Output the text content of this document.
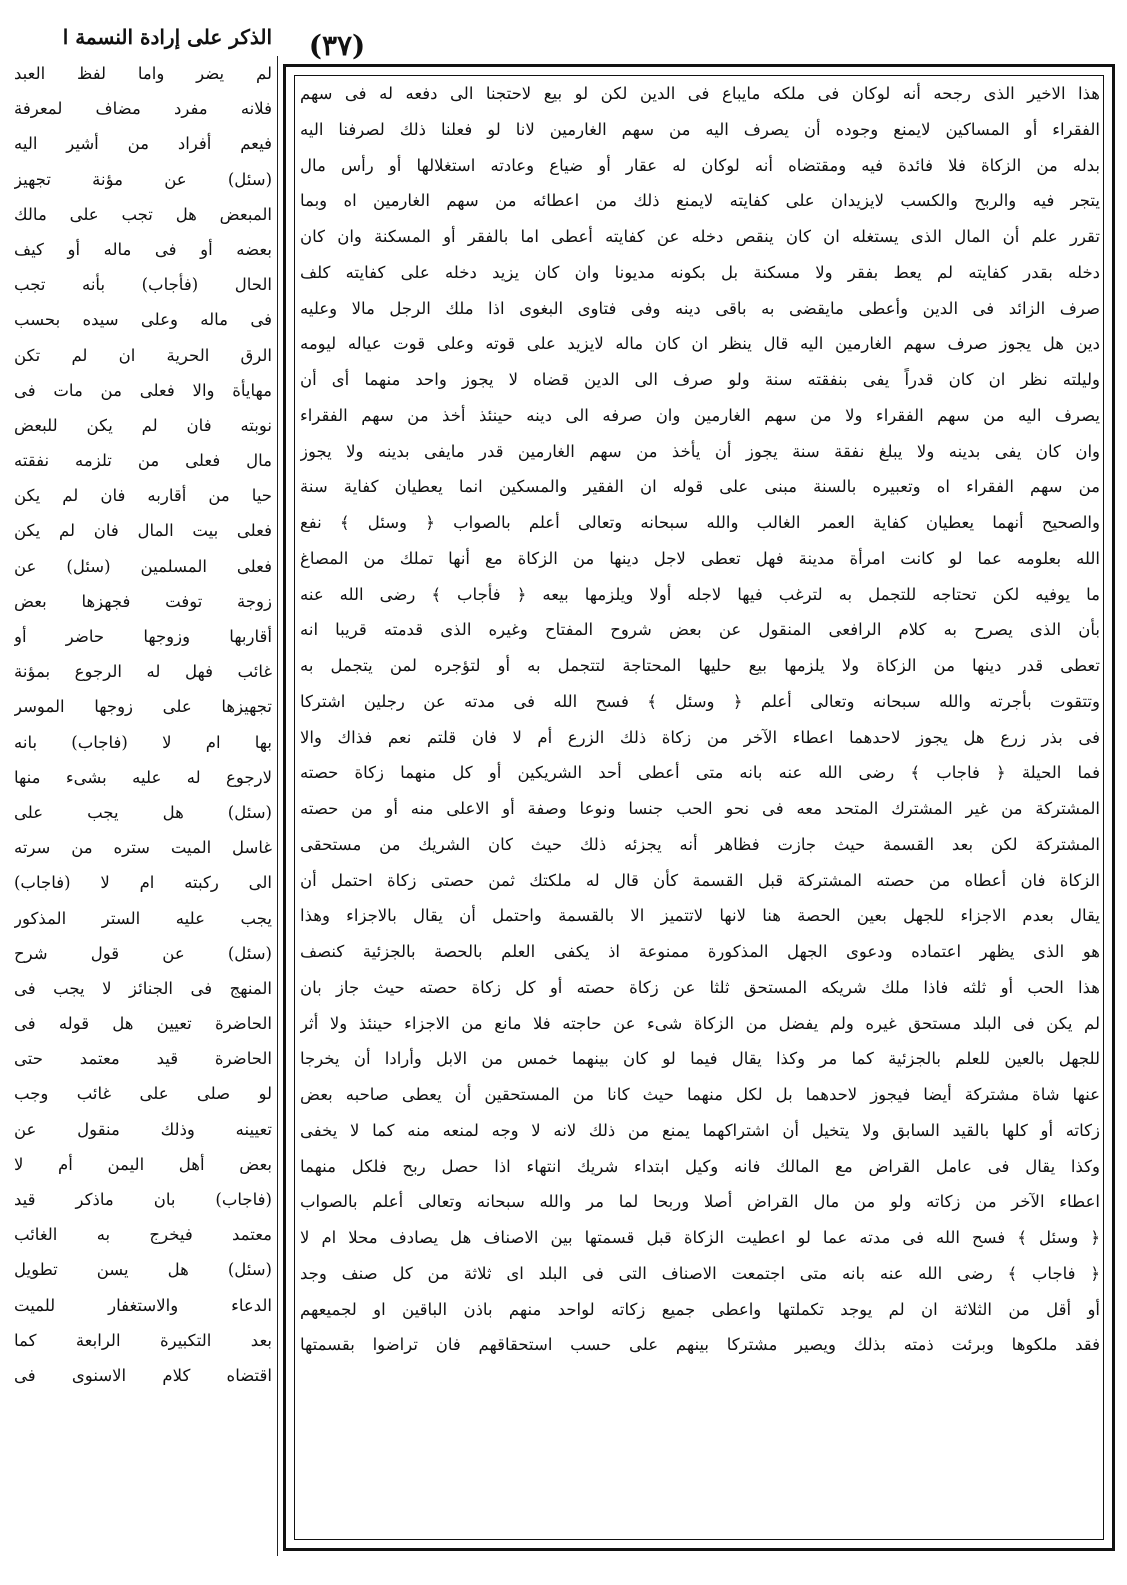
(٣٧)
الذكر على إرادة النسمة ا
لم يضر واما لفظ العبد
فلانه مفرد مضاف لمعرفة
فيعم أفراد من أشير اليه
(سئل) عن مؤنة تجهيز
المبعض هل تجب على مالك
بعضه أو فى ماله أو كيف
الحال (فأجاب) بأنه تجب
فى ماله وعلى سيده بحسب
الرق الحرية ان لم تكن
مهايأة والا فعلى من مات فى
نوبته فان لم يكن للبعض
مال فعلى من تلزمه نفقته
حيا من أقاربه فان لم يكن
فعلى بيت المال فان لم يكن
فعلى المسلمين (سئل) عن
زوجة توفت فجهزها بعض
أقاربها وزوجها حاضر أو
غائب فهل له الرجوع بمؤنة
تجهيزها على زوجها الموسر
بها ام لا (فاجاب) بانه
لارجوع له عليه بشىء منها
(سئل) هل يجب على
غاسل الميت ستره من سرته
الى ركبته ام لا (فاجاب)
يجب عليه الستر المذكور
(سئل) عن قول شرح
المنهج فى الجنائز لا يجب فى
الحاضرة تعيين هل قوله فى
الحاضرة قيد معتمد حتى
لو صلى على غائب وجب
تعيينه وذلك منقول عن
بعض أهل اليمن أم لا
(فاجاب) بان ماذكر قيد
معتمد فيخرج به الغائب
(سئل) هل يسن تطويل
الدعاء والاستغفار للميت
بعد التكبيرة الرابعة كما
اقتضاه كلام الاسنوى فى
هذا الاخير الذى رجحه أنه لوكان فى ملكه مايباع فى الدين لكن لو بيع لاحتجنا الى دفعه له فى سهم
الفقراء أو المساكين لايمنع وجوده أن يصرف اليه من سهم الغارمين لانا لو فعلنا ذلك لصرفنا اليه
بدله من الزكاة فلا فائدة فيه ومقتضاه أنه لوكان له عقار أو ضياع وعادته استغلالها أو رأس مال
يتجر فيه والربح والكسب لايزيدان على كفايته لايمنع ذلك من اعطائه من سهم الغارمين اه وبما
تقرر علم أن المال الذى يستغله ان كان ينقص دخله عن كفايته أعطى اما بالفقر أو المسكنة وان كان
دخله بقدر كفايته لم يعط بفقر ولا مسكنة بل بكونه مديونا وان كان يزيد دخله على كفايته كلف
صرف الزائد فى الدين وأعطى مايقضى به باقى دينه وفى فتاوى البغوى اذا ملك الرجل مالا وعليه
دين هل يجوز صرف سهم الغارمين اليه قال ينظر ان كان ماله لايزيد على قوته وعلى قوت عياله ليومه
وليلته نظر ان كان قدراً يفى بنفقته سنة ولو صرف الى الدين قضاه لا يجوز واحد منهما أى أن
يصرف اليه من سهم الفقراء ولا من سهم الغارمين وان صرفه الى دينه حينئذ أخذ من سهم الفقراء
وان كان يفى بدينه ولا يبلغ نفقة سنة يجوز أن يأخذ من سهم الغارمين قدر مايفى بدينه ولا يجوز
من سهم الفقراء اه وتعبيره بالسنة مبنى على قوله ان الفقير والمسكين انما يعطيان كفاية سنة
والصحيح أنهما يعطيان كفاية العمر الغالب والله سبحانه وتعالى أعلم بالصواب ﴿ وسئل ﴾ نفع
الله بعلومه عما لو كانت امرأة مدينة فهل تعطى لاجل دينها من الزكاة مع أنها تملك من المصاغ
ما يوفيه لكن تحتاجه للتجمل به لترغب فيها لاجله أولا ويلزمها بيعه ﴿ فأجاب ﴾ رضى الله عنه
بأن الذى يصرح به كلام الرافعى المنقول عن بعض شروح المفتاح وغيره الذى قدمته قريبا انه
تعطى قدر دينها من الزكاة ولا يلزمها بيع حليها المحتاجة لتتجمل به أو لتؤجره لمن يتجمل به
وتتقوت بأجرته والله سبحانه وتعالى أعلم ﴿ وسئل ﴾ فسح الله فى مدته عن رجلين اشتركا
فى بذر زرع هل يجوز لاحدهما اعطاء الآخر من زكاة ذلك الزرع أم لا فان قلتم نعم فذاك والا
فما الحيلة ﴿ فاجاب ﴾ رضى الله عنه بانه متى أعطى أحد الشريكين أو كل منهما زكاة حصته
المشتركة من غير المشترك المتحد معه فى نحو الحب جنسا ونوعا وصفة أو الاعلى منه أو من حصته
المشتركة لكن بعد القسمة حيث جازت فظاهر أنه يجزئه ذلك حيث كان الشريك من مستحقى
الزكاة فان أعطاه من حصته المشتركة قبل القسمة كأن قال له ملكتك ثمن حصتى زكاة احتمل أن
يقال بعدم الاجزاء للجهل بعين الحصة هنا لانها لاتتميز الا بالقسمة واحتمل أن يقال بالاجزاء وهذا
هو الذى يظهر اعتماده ودعوى الجهل المذكورة ممنوعة اذ يكفى العلم بالحصة بالجزئية كنصف
هذا الحب أو ثلثه فاذا ملك شريكه المستحق ثلثا عن زكاة حصته أو كل زكاة حصته حيث جاز بان
لم يكن فى البلد مستحق غيره ولم يفضل من الزكاة شىء عن حاجته فلا مانع من الاجزاء حينئذ ولا أثر
للجهل بالعين للعلم بالجزئية كما مر وكذا يقال فيما لو كان بينهما خمس من الابل وأرادا أن يخرجا
عنها شاة مشتركة أيضا فيجوز لاحدهما بل لكل منهما حيث كانا من المستحقين أن يعطى صاحبه بعض
زكاته أو كلها بالقيد السابق ولا يتخيل أن اشتراكهما يمنع من ذلك لانه لا وجه لمنعه منه كما لا يخفى
وكذا يقال فى عامل القراض مع المالك فانه وكيل ابتداء شريك انتهاء اذا حصل ربح فلكل منهما
اعطاء الآخر من زكاته ولو من مال القراض أصلا وربحا لما مر والله سبحانه وتعالى أعلم بالصواب
﴿ وسئل ﴾ فسح الله فى مدته عما لو اعطيت الزكاة قبل قسمتها بين الاصناف هل يصادف محلا ام لا
﴿ فاجاب ﴾ رضى الله عنه بانه متى اجتمعت الاصناف التى فى البلد اى ثلاثة من كل صنف وجد
أو أقل من الثلاثة ان لم يوجد تكملتها واعطى جميع زكاته لواحد منهم باذن الباقين او لجميعهم
فقد ملكوها وبرئت ذمته بذلك ويصير مشتركا بينهم على حسب استحقاقهم فان تراضوا بقسمتها
